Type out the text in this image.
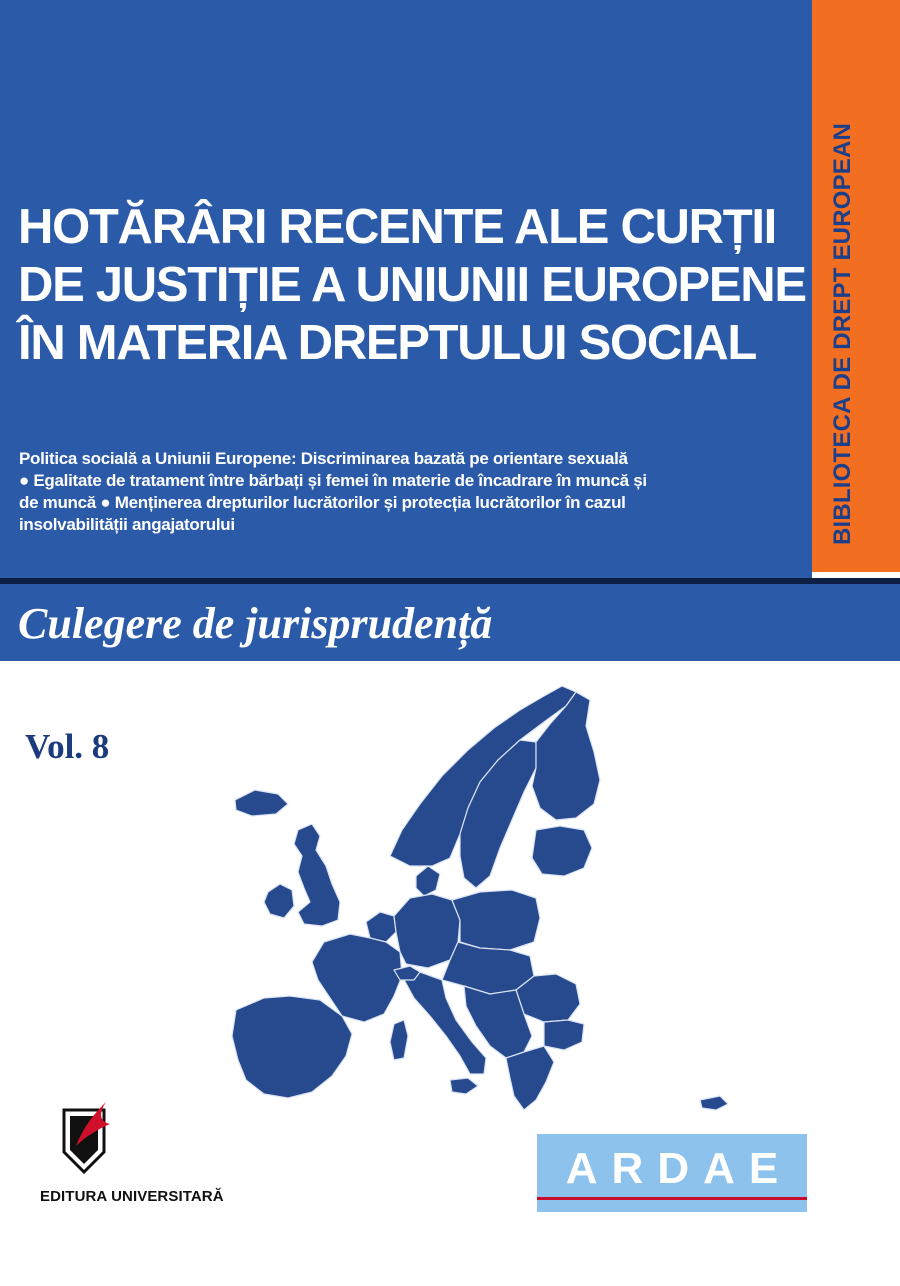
BIBLIOTECA DE DREPT EUROPEAN
HOTĂRÂRI RECENTE ALE CURȚII
DE JUSTIȚIE A UNIUNII EUROPENE
ÎN MATERIA DREPTULUI SOCIAL
Politica socială a Uniunii Europene: Discriminarea bazată pe orientare sexuală
● Egalitate de tratament între bărbați și femei în materie de încadrare în muncă și
de muncă ● Menținerea drepturilor lucrătorilor și protecția lucrătorilor în cazul
insolvabilității angajatorului
Culegere de jurisprudență
Vol. 8
EDITURA UNIVERSITARĂ
ARDAE
